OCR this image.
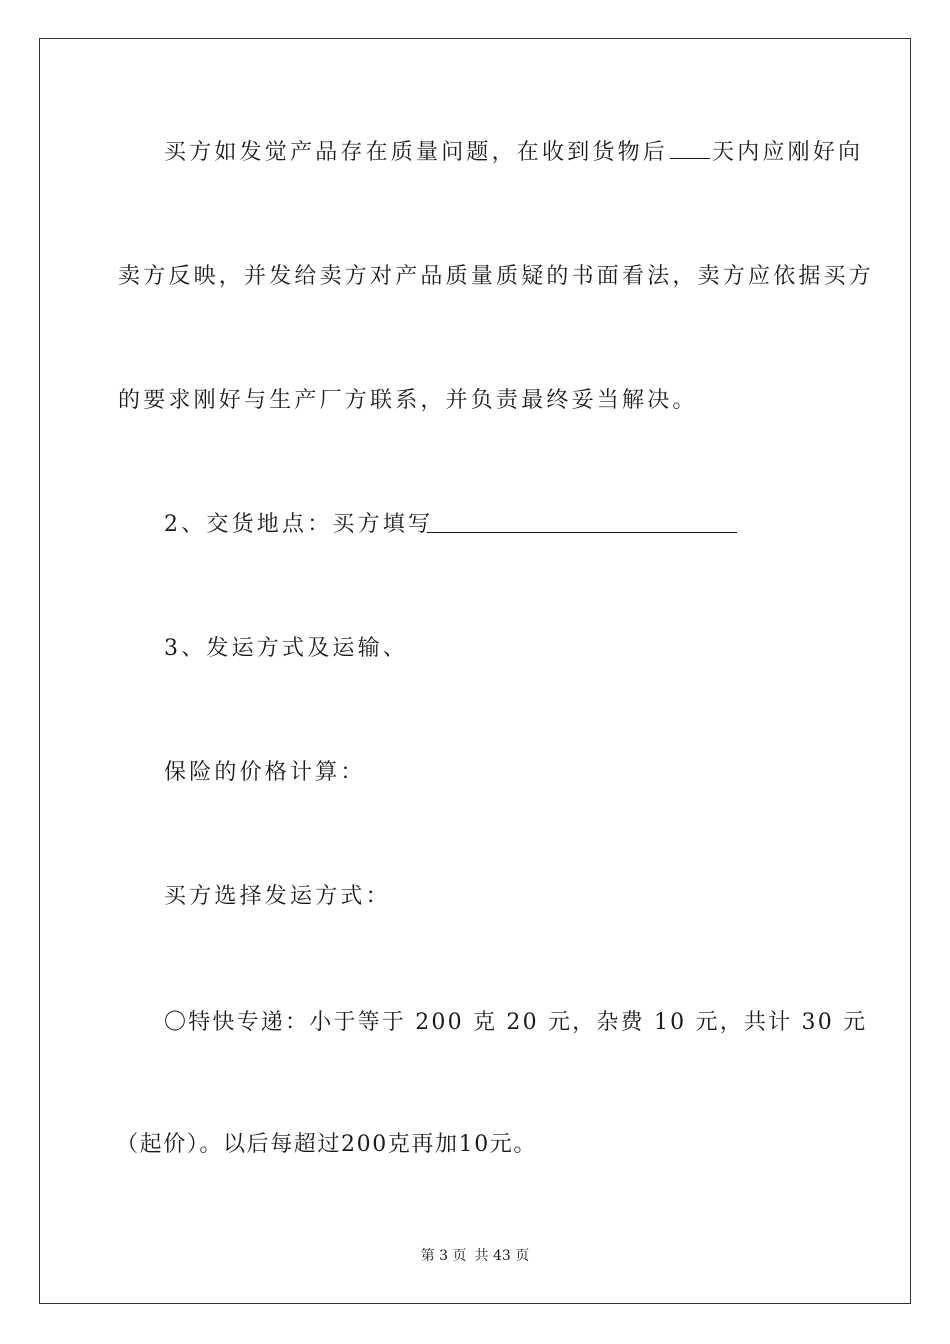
买方如发觉产品存在质量问题，在收到货物后 天内应刚好向
卖方反映，并发给卖方对产品质量质疑的书面看法，卖方应依据买方
的要求刚好与生产厂方联系，并负责最终妥当解决。
2、交货地点：买方填写
3、发运方式及运输、
保险的价格计算：
买方选择发运方式：
〇特快专递：小于等于 200 克 20 元，杂费 10 元，共计 30 元
（起价）。以后每超过200克再加10元。
第 3 页 共 43 页
